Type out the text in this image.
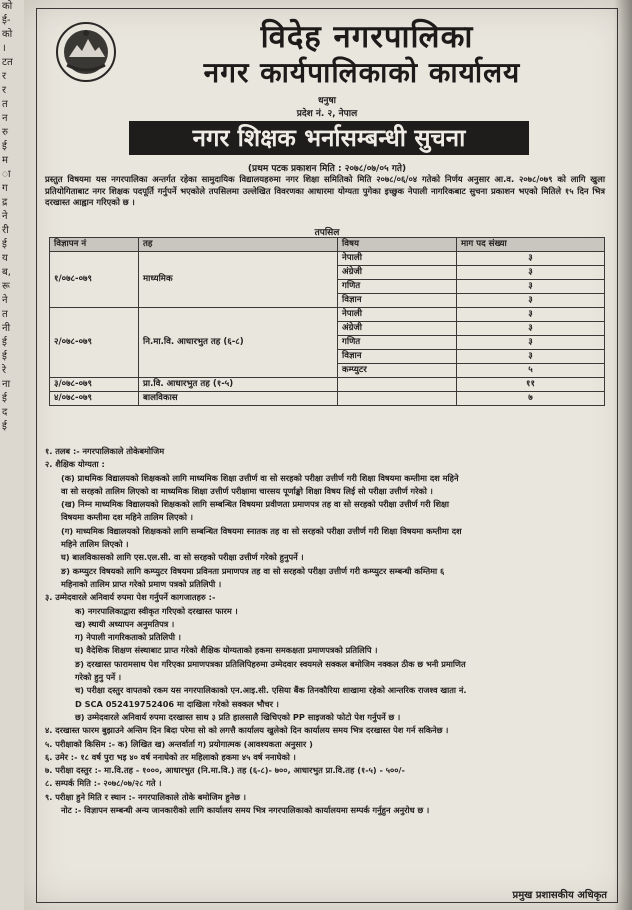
को
ई-
को
।
टत
र
र
त
न
रु
ई
म
ा
ग
द्र
ने
री
ई
य
ब,
रू
ने
त
नी
ई
ई
रे
ना
ई
द
ई
विदेह नगरपालिका
नगर कार्यपालिकाको कार्यालय
धनुषा
प्रदेश नं. २, नेपाल
नगर शिक्षक भर्नासम्बन्धी सुचना
(प्रथम पटक प्रकाशन मिति : २०७८/०७/०५ गते)
प्रस्तुत विषयमा यस नगरपालिका अन्तर्गत रहेका सामुदायिक विद्यालयहरुमा नगर शिक्षा समितिको मिति २०७८/०६/०४ गतेको निर्णय अनुसार आ.व. २०७८/०७९ को लागि खुला प्रतियोगिताबाट नगर शिक्षक पदपूर्ति गर्नुपर्ने भएकोले तपसिलमा उल्लेखित विवरणका आधारमा योग्यता पुगेका इच्छुक नेपाली नागरिकबाट सुचना प्रकाशन भएको मितिले १५ दिन भित्र दरखास्त आह्वान गरिएको छ ।
तपसिल
विज्ञापन नं	तह	विषय	माग पद संख्या
१/०७८-०७९	माध्यमिक	नेपाली	३
		अंग्रेजी	३
		गणित	३
		विज्ञान	३
२/०७८-०७९	नि.मा.वि. आधारभुत तह (६-८)	नेपाली	३
		अंग्रेजी	३
		गणित	३
		विज्ञान	३
		कम्प्युटर	५
३/०७८-०७९	प्रा.वि. आधारभुत तह (१-५)		११
४/०७८-०७९	बालविकास		७
१. तलब :- नगरपालिकाले तोकेबमोजिम
२. शैक्षिक योग्यता :
(क) प्राथमिक विद्यालयको शिक्षकको लागि माध्यमिक शिक्षा उत्तीर्ण वा सो सरहको परीक्षा उत्तीर्ण गरी शिक्षा विषयमा कम्तीमा दश महिने
वा सो सरहको तालिम लिएको वा माध्यमिक शिक्षा उत्तीर्ण परीक्षामा चारसय पूर्णाङ्को शिक्षा विषय लिई सो परीक्षा उत्तीर्ण गरेको ।
(ख) निम्न माध्यमिक विद्यालयको शिक्षकको लागि सम्बन्धित विषयमा प्रवीणता प्रमाणपत्र तह वा सो सरहको परीक्षा उत्तीर्ण गरी शिक्षा
विषयमा कम्तीमा दश महिने तालिम लिएको ।
(ग) माध्यमिक विद्यालयको शिक्षकको लागि सम्बन्धित विषयमा स्नातक तह वा सो सरहको परीक्षा उत्तीर्ण गरी शिक्षा विषयमा कम्तीमा दश
महिने तालिम लिएको ।
घ) बालविकासको लागि एस.एल.सी. वा सो सरहको परीक्षा उत्तीर्ण गरेको हुनुपर्ने ।
ङ) कम्प्युटर विषयको लागि कम्प्युटर विषयमा प्रविनता प्रमाणपत्र तह वा सो सरहको परीक्षा उत्तीर्ण गरी कम्प्युटर सम्बन्धी कम्तिमा ६
महिनाको तालिम प्राप्त गरेको प्रमाण पत्रको प्रतिलिपी ।
३. उम्मेदवारले अनिवार्य रुपमा पेश गर्नुपर्ने कागजातहरु :-
क) नगरपालिकाद्वारा स्वीकृत गरिएको दरखास्त फारम ।
ख) स्थायी अध्यापन अनुमतिपत्र ।
ग) नेपाली नागरिकताको प्रतिलिपी ।
घ) वैदेशिक शिक्षण संस्थाबाट प्राप्त गरेको शैक्षिक योग्यताको हकमा समकक्षता प्रमाणपत्रको प्रतिलिपि ।
ङ) दरखास्त फारामसाथ पेश गरिएका प्रमाणपत्रका प्रतिलिपिहरुमा उम्मेदवार स्वयमले सक्कल बमोजिम नक्कल ठीक छ भनी प्रमाणित
गरेको हुनु पर्ने ।
च) परीक्षा दस्तुर वापतको रकम यस नगरपालिकाको एन.आइ.सी. एसिया बैंक तिनकौरिया शाखामा रहेको आन्तरिक राजश्व खाता नं.
D SCA 052419752406 मा दाखिला गरेको सक्कल भौचर ।
छ) उम्मेदवारले अनिवार्य रुपमा दरखास्त साथ ३ प्रति हालसालै खिचिएको PP साइजको फोटो पेश गर्नुपर्ने छ ।
४. दरखास्त फारम बुझाउने अन्तिम दिन बिदा परेमा सो को लगत्तै कार्यालय खुलेको दिन कार्यालय समय भित्र दरखास्त पेश गर्न सकिनेछ ।
५. परीक्षाको किसिम :- क) लिखित ख) अन्तर्वार्ता ग) प्रयोगात्मक (आवश्यकता अनुसार )
६. उमेर :- १८ वर्ष पुरा भइ ४० वर्ष ननाघेको तर महिलाको हकमा ४५ वर्ष ननाघेको ।
७. परीक्षा दस्तुर :- मा.वि.तह - १०००, आधारभुत (नि.मा.वि.) तह (६-८)- ७००, आधारभुत प्रा.वि.तह (१-५) - ५००/-
८. सम्पर्क मिति :- २०७८/०७/२८ गते ।
९. परीक्षा हुने मिति र स्थान :- नगरपालिकाले तोके बमोजिम हुनेछ ।
नोट :- विज्ञापन सम्बन्धी अन्य जानकारीको लागि कार्यालय समय भित्र नगरपालिकाको कार्यालयमा सम्पर्क गर्नुहुन अनुरोध छ ।
प्रमुख प्रशासकीय अधिकृत
